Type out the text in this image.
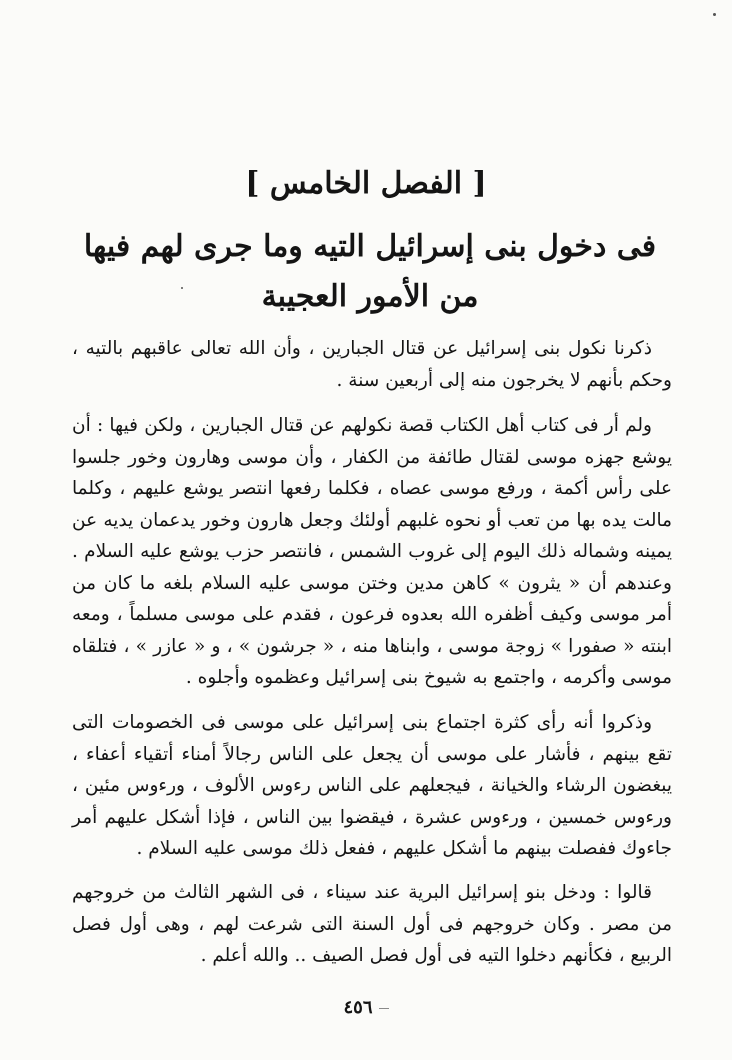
[ الفصل الخامس ]
فى دخول بنى إسرائيل التيه وما جرى لهم فيها من الأمور العجيبة

ذكرنا نكول بنى إسرائيل عن قتال الجبارين ، وأن الله تعالى عاقبهم بالتيه ، وحكم بأنهم لا يخرجون منه إلى أربعين سنة .

ولم أر فى كتاب أهل الكتاب قصة نكولهم عن قتال الجبارين ، ولكن فيها : أن يوشع جهزه موسى لقتال طائفة من الكفار ، وأن موسى وهارون وخور جلسوا على رأس أكمة ، ورفع موسى عصاه ، فكلما رفعها انتصر يوشع عليهم ، وكلما مالت يده بها من تعب أو نحوه غلبهم أولئك وجعل هارون وخور يدعمان يديه عن يمينه وشماله ذلك اليوم إلى غروب الشمس ، فانتصر حزب يوشع عليه السلام . وعندهم أن « يثرون » كاهن مدين وختن موسى عليه السلام بلغه ما كان من أمر موسى وكيف أظفره الله بعدوه فرعون ، فقدم على موسى مسلماً ، ومعه ابنته « صفورا » زوجة موسى ، وابناها منه ، « جرشون » ، و « عازر » ، فتلقاه موسى وأكرمه ، واجتمع به شيوخ بنى إسرائيل وعظموه وأجلوه .

وذكروا أنه رأى كثرة اجتماع بنى إسرائيل على موسى فى الخصومات التى تقع بينهم ، فأشار على موسى أن يجعل على الناس رجالاً أمناء أتقياء أعفاء ، يبغضون الرشاء والخيانة ، فيجعلهم على الناس رءوس الألوف ، ورءوس مئين ، ورءوس خمسين ، ورءوس عشرة ، فيقضوا بين الناس ، فإذا أشكل عليهم أمر جاءوك ففصلت بينهم ما أشكل عليهم ، ففعل ذلك موسى عليه السلام .

قالوا : ودخل بنو إسرائيل البرية عند سيناء ، فى الشهر الثالث من خروجهم من مصر . وكان خروجهم فى أول السنة التى شرعت لهم ، وهى أول فصل الربيع ، فكأنهم دخلوا التيه فى أول فصل الصيف .. والله أعلم .

٤٥٦
